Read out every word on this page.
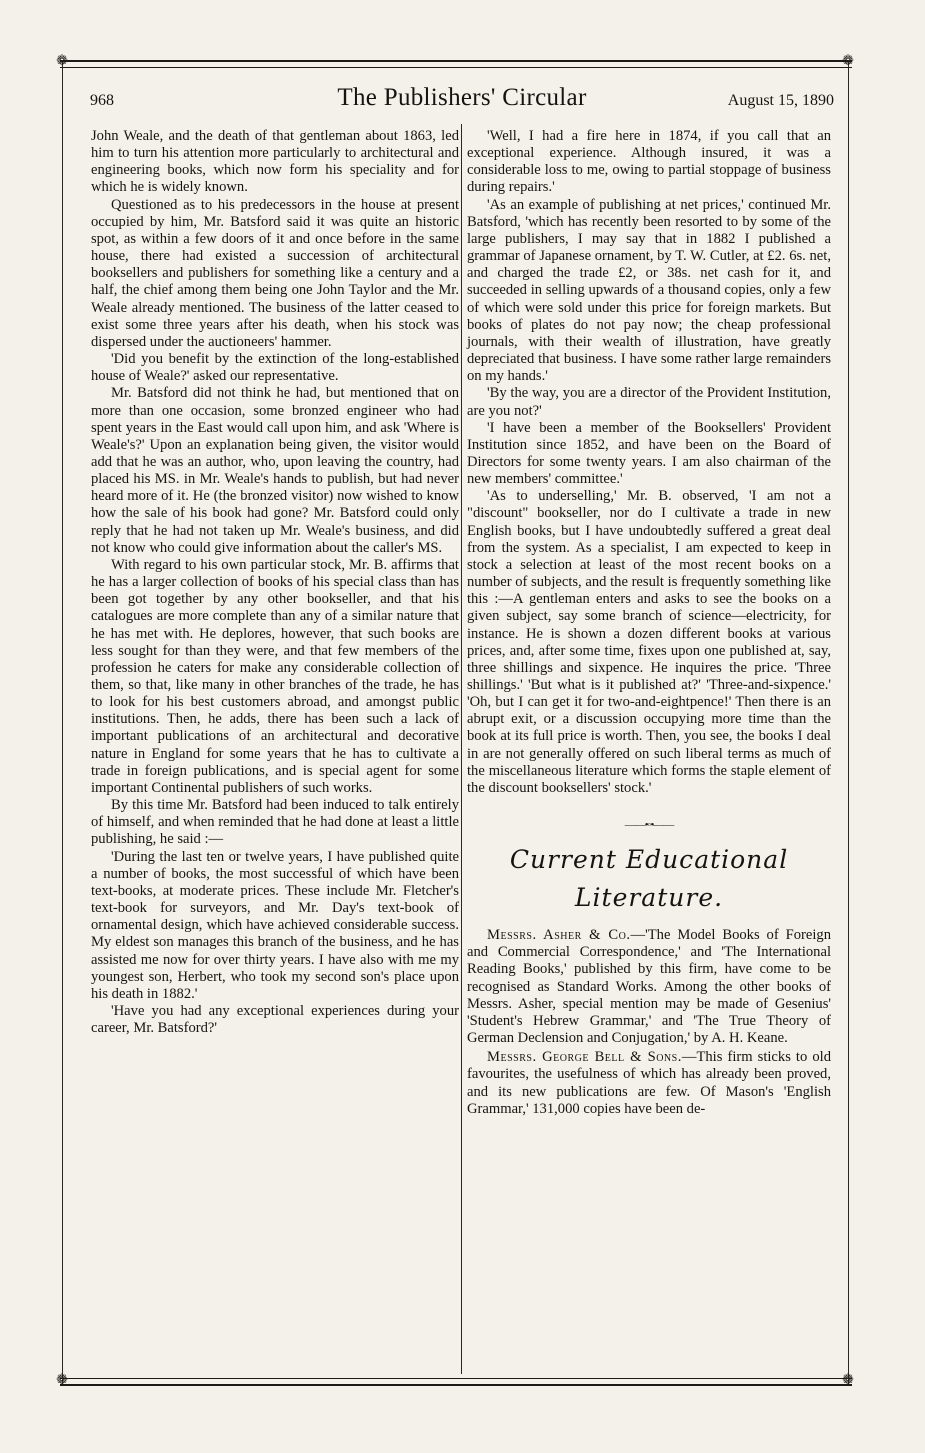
❁	❁
❁	❁
968	The Publishers' Circular	August 15, 1890

John Weale, and the death of that gentleman about 1863, led him to turn his attention more particularly to architectural and engineering books, which now form his speciality and for which he is widely known.

Questioned as to his predecessors in the house at present occupied by him, Mr. Batsford said it was quite an historic spot, as within a few doors of it and once before in the same house, there had existed a succession of architectural booksellers and publishers for something like a century and a half, the chief among them being one John Taylor and the Mr. Weale already mentioned. The business of the latter ceased to exist some three years after his death, when his stock was dispersed under the auctioneers' hammer.

'Did you benefit by the extinction of the long-established house of Weale?' asked our representative.

Mr. Batsford did not think he had, but mentioned that on more than one occasion, some bronzed engineer who had spent years in the East would call upon him, and ask 'Where is Weale's?' Upon an explanation being given, the visitor would add that he was an author, who, upon leaving the country, had placed his MS. in Mr. Weale's hands to publish, but had never heard more of it. He (the bronzed visitor) now wished to know how the sale of his book had gone? Mr. Batsford could only reply that he had not taken up Mr. Weale's business, and did not know who could give information about the caller's MS.

With regard to his own particular stock, Mr. B. affirms that he has a larger collection of books of his special class than has been got together by any other bookseller, and that his catalogues are more complete than any of a similar nature that he has met with. He deplores, however, that such books are less sought for than they were, and that few members of the profession he caters for make any considerable collection of them, so that, like many in other branches of the trade, he has to look for his best customers abroad, and amongst public institutions. Then, he adds, there has been such a lack of important publications of an architectural and decorative nature in England for some years that he has to cultivate a trade in foreign publications, and is special agent for some important Continental publishers of such works.

By this time Mr. Batsford had been induced to talk entirely of himself, and when reminded that he had done at least a little publishing, he said :—

'During the last ten or twelve years, I have published quite a number of books, the most successful of which have been text-books, at moderate prices. These include Mr. Fletcher's text-book for surveyors, and Mr. Day's text-book of ornamental design, which have achieved considerable success. My eldest son manages this branch of the business, and he has assisted me now for over thirty years. I have also with me my youngest son, Herbert, who took my second son's place upon his death in 1882.'

'Have you had any exceptional experiences during your career, Mr. Batsford?'

'Well, I had a fire here in 1874, if you call that an exceptional experience. Although insured, it was a considerable loss to me, owing to partial stoppage of business during repairs.'

'As an example of publishing at net prices,' continued Mr. Batsford, 'which has recently been resorted to by some of the large publishers, I may say that in 1882 I published a grammar of Japanese ornament, by T. W. Cutler, at £2. 6s. net, and charged the trade £2, or 38s. net cash for it, and succeeded in selling upwards of a thousand copies, only a few of which were sold under this price for foreign markets. But books of plates do not pay now; the cheap professional journals, with their wealth of illustration, have greatly depreciated that business. I have some rather large remainders on my hands.'

'By the way, you are a director of the Provident Institution, are you not?'

'I have been a member of the Booksellers' Provident Institution since 1852, and have been on the Board of Directors for some twenty years. I am also chairman of the new members' committee.'

'As to underselling,' Mr. B. observed, 'I am not a "discount" bookseller, nor do I cultivate a trade in new English books, but I have undoubtedly suffered a great deal from the system. As a specialist, I am expected to keep in stock a selection at least of the most recent books on a number of subjects, and the result is frequently something like this :—A gentleman enters and asks to see the books on a given subject, say some branch of science—electricity, for instance. He is shown a dozen different books at various prices, and, after some time, fixes upon one published at, say, three shillings and sixpence. He inquires the price. 'Three shillings.' 'But what is it published at?' 'Three-and-sixpence.' 'Oh, but I can get it for two-and-eightpence!' Then there is an abrupt exit, or a discussion occupying more time than the book at its full price is worth. Then, you see, the books I deal in are not generally offered on such liberal terms as much of the miscellaneous literature which forms the staple element of the discount booksellers' stock.'

——•◦•——
Current Educational
Literature.

Messrs. Asher & Co.—'The Model Books of Foreign and Commercial Correspondence,' and 'The International Reading Books,' published by this firm, have come to be recognised as Standard Works. Among the other books of Messrs. Asher, special mention may be made of Gesenius' 'Student's Hebrew Grammar,' and 'The True Theory of German Declension and Conjugation,' by A. H. Keane.

Messrs. George Bell & Sons.—This firm sticks to old favourites, the usefulness of which has already been proved, and its new publications are few. Of Mason's 'English Grammar,' 131,000 copies have been de-
